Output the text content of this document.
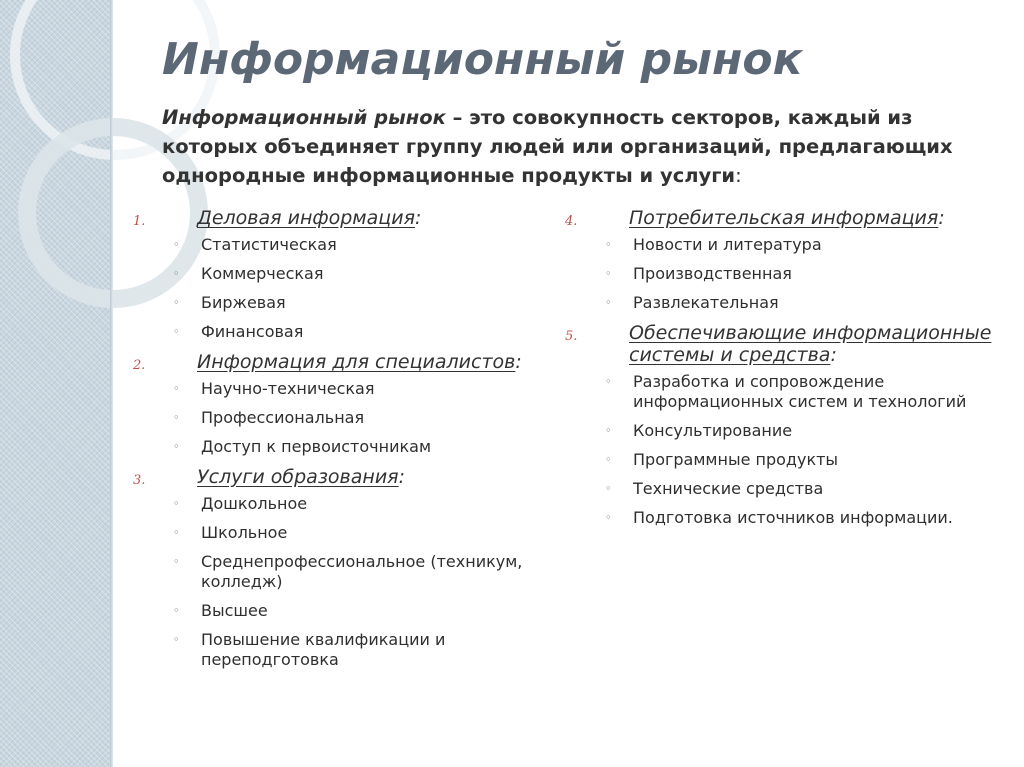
Информационный рынок
Информационный рынок – это совокупность секторов, каждый из которых объединяет группу людей или организаций, предлагающих однородные информационные продукты и услуги:
1.	Деловая информация:
◦ Статистическая
◦ Коммерческая
◦ Биржевая
◦ Финансовая
2.	Информация для специалистов:
◦ Научно-техническая
◦ Профессиональная
◦ Доступ к первоисточникам
3.	Услуги образования:
◦ Дошкольное
◦ Школьное
◦ Среднепрофессиональное (техникум, колледж)
◦ Высшее
◦ Повышение квалификации и переподготовка
4.	Потребительская информация:
◦ Новости и литература
◦ Производственная
◦ Развлекательная
5.	Обеспечивающие информационные системы и средства:
◦ Разработка и сопровождение информационных систем и технологий
◦ Консультирование
◦ Программные продукты
◦ Технические средства
◦ Подготовка источников информации.
